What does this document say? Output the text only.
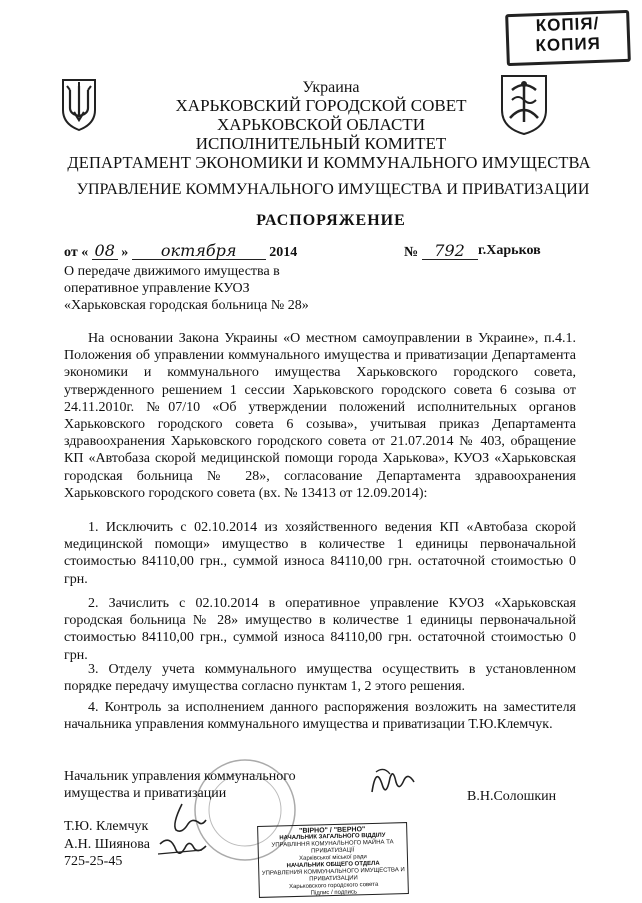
КОПІЯ/
КОПИЯ
Украина
ХАРЬКОВСКИЙ ГОРОДСКОЙ СОВЕТ
ХАРЬКОВСКОЙ ОБЛАСТИ
ИСПОЛНИТЕЛЬНЫЙ КОМИТЕТ
ДЕПАРТАМЕНТ ЭКОНОМИКИ И КОММУНАЛЬНОГО ИМУЩЕСТВА
УПРАВЛЕНИЕ КОММУНАЛЬНОГО ИМУЩЕСТВА И ПРИВАТИЗАЦИИ
РАСПОРЯЖЕНИЕ
от « 08 » октября 2014	№ 792 г.Харьков
О передаче движимого имущества в
оперативное управление КУОЗ
«Харьковская городская больница № 28»

На основании Закона Украины «О местном самоуправлении в Украине», п.4.1. Положения об управлении коммунального имущества и приватизации Департамента экономики и коммунального имущества Харьковского городского совета, утвержденного решением 1 сессии Харьковского городского совета 6 созыва от 24.11.2010г. №07/10 «Об утверждении положений исполнительных органов Харьковского городского совета 6 созыва», учитывая приказ Департамента здравоохранения Харьковского городского совета от 21.07.2014 № 403, обращение КП «Автобаза скорой медицинской помощи города Харькова», КУОЗ «Харьковская городская больница № 28», согласование Департамента здравоохранения Харьковского городского совета (вх. № 13413 от 12.09.2014):

1. Исключить с 02.10.2014 из хозяйственного ведения КП «Автобаза скорой медицинской помощи» имущество в количестве 1 единицы первоначальной стоимостью 84110,00 грн., суммой износа 84110,00 грн. остаточной стоимостью 0 грн.

2. Зачислить с 02.10.2014 в оперативное управление КУОЗ «Харьковская городская больница № 28» имущество в количестве 1 единицы первоначальной стоимостью 84110,00 грн., суммой износа 84110,00 грн. остаточной стоимостью 0 грн.

3. Отделу учета коммунального имущества осуществить в установленном порядке передачу имущества согласно пунктам 1, 2 этого решения.

4. Контроль за исполнением данного распоряжения возложить на заместителя начальника управления коммунального имущества и приватизации Т.Ю.Клемчук.

Начальник управления коммунального
имущества и приватизации	В.Н.Солошкин
Т.Ю. Клемчук
А.Н. Шиянова
725-25-45
"ВІРНО" / "ВЕРНО"
НАЧАЛЬНИК ЗАГАЛЬНОГО ВІДДІЛУ
УПРАВЛІННЯ КОМУНАЛЬНОГО МАЙНА ТА ПРИВАТИЗАЦІЇ
Харківської міської ради
НАЧАЛЬНИК ОБЩЕГО ОТДЕЛА
УПРАВЛЕНИЯ КОММУНАЛЬНОГО ИМУЩЕСТВА И ПРИВАТИЗАЦИИ
Харьковского городского совета
Підпис / подпись
